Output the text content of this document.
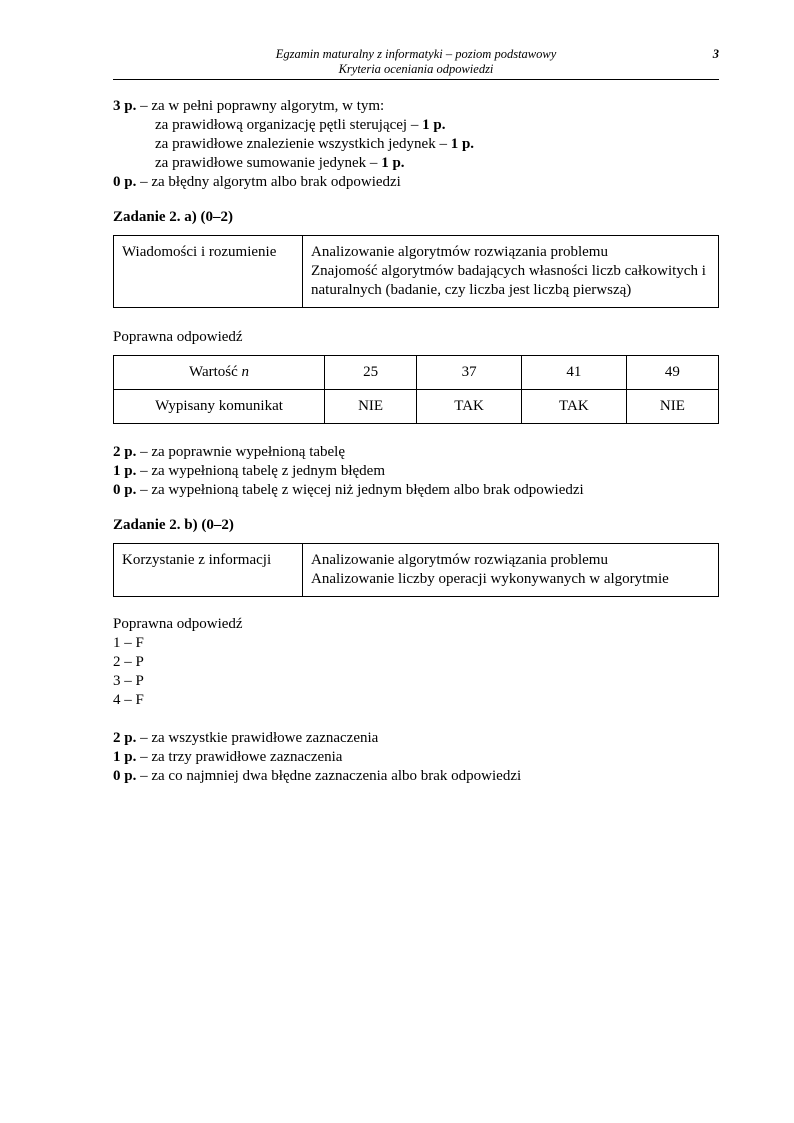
Egzamin maturalny z informatyki – poziom podstawowy
Kryteria oceniania odpowiedzi
3

3 p. – za w pełni poprawny algorytm, w tym:

za prawidłową organizację pętli sterującej – 1 p.

za prawidłowe znalezienie wszystkich jedynek – 1 p.

za prawidłowe sumowanie jedynek – 1 p.

0 p. – za błędny algorytm albo brak odpowiedzi

Zadanie 2. a) (0–2)
Wiadomości i rozumienie	Analizowanie algorytmów rozwiązania problemu
Znajomość algorytmów badających własności liczb całkowitych i naturalnych (badanie, czy liczba jest liczbą pierwszą)

Poprawna odpowiedź

Wartość n	25	37	41	49
Wypisany komunikat	NIE	TAK	TAK	NIE

2 p. – za poprawnie wypełnioną tabelę

1 p. – za wypełnioną tabelę z jednym błędem

0 p. – za wypełnioną tabelę z więcej niż jednym błędem albo brak odpowiedzi

Zadanie 2. b) (0–2)
Korzystanie z informacji	Analizowanie algorytmów rozwiązania problemu
Analizowanie liczby operacji wykonywanych w algorytmie

Poprawna odpowiedź

1 – F

2 – P

3 – P

4 – F

2 p. – za wszystkie prawidłowe zaznaczenia

1 p. – za trzy prawidłowe zaznaczenia

0 p. – za co najmniej dwa błędne zaznaczenia albo brak odpowiedzi
